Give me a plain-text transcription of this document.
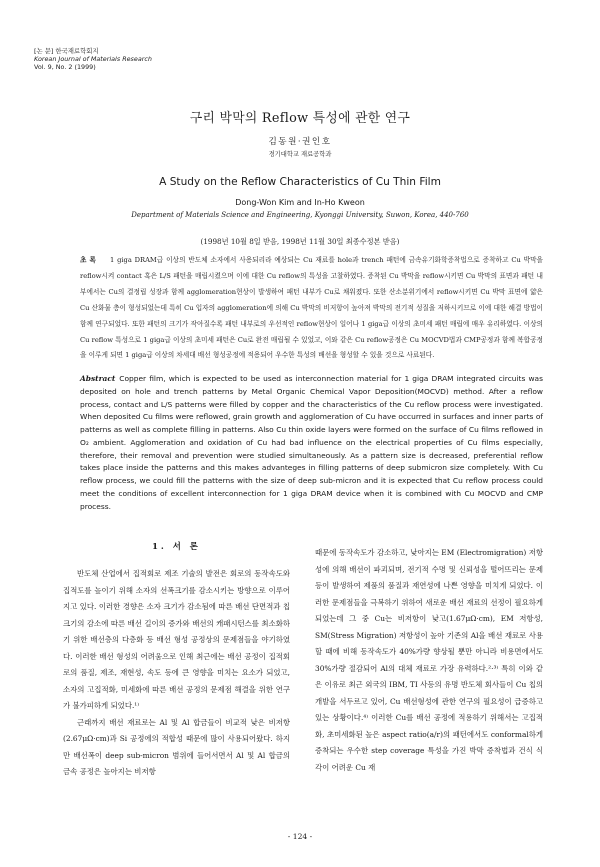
[논 문] 한국재료학회지
Korean Journal of Materials Research
Vol. 9, No. 2 (1999)
구리 박막의 Reflow 특성에 관한 연구
김동원·권인호
경기대학교 재료공학과
A Study on the Reflow Characteristics of Cu Thin Film
Dong-Won Kim and In-Ho Kweon
Department of Materials Science and Engineering, Kyonggi University, Suwon, Korea, 440-760
(1998년 10월 8일 받음, 1998년 11월 30일 최종수정본 받음)
초 록 1 giga DRAM급 이상의 반도체 소자에서 사용되리라 예상되는 Cu 재료를 hole과 trench 패턴에 금속유기화학증착법으로 증착하고 Cu 박막을 reflow시켜 contact 혹은 L/S 패턴을 매립시켰으며 이에 대한 Cu reflow의 특성을 고찰하였다. 증착된 Cu 박막을 reflow시키면 Cu 박막의 표면과 패턴 내부에서는 Cu의 결정립 성장과 함께 agglomeration현상이 발생하여 패턴 내부가 Cu로 채워졌다. 또한 산소분위기에서 reflow시키면 Cu 박막 표면에 얇은 Cu 산화물 층이 형성되었는데 특히 Cu 입자의 agglomeration에 의해 Cu 박막의 비저항이 높아져 박막의 전기적 성질을 저하시키므로 이에 대한 해결 방법이 함께 연구되었다. 또한 패턴의 크기가 작아질수록 패턴 내부로의 우선적인 reflow현상이 일어나 1 giga급 이상의 초미세 패턴 매립에 매우 유리하였다. 이상의 Cu reflow 특성으로 1 giga급 이상의 초미세 패턴은 Cu로 완전 매립될 수 있었고, 이와 같은 Cu reflow공정은 Cu MOCVD법과 CMP공정과 함께 복합공정을 이루게 되면 1 giga급 이상의 차세대 배선 형성공정에 적용되어 우수한 특성의 배선을 형성할 수 있을 것으로 사료된다.
Abstract Copper film, which is expected to be used as interconnection material for 1 giga DRAM integrated circuits was deposited on hole and trench patterns by Metal Organic Chemical Vapor Deposition(MOCVD) method. After a reflow process, contact and L/S patterns were filled by copper and the characteristics of the Cu reflow process were investigated. When deposited Cu films were reflowed, grain growth and agglomeration of Cu have occurred in surfaces and inner parts of patterns as well as complete filling in patterns. Also Cu thin oxide layers were formed on the surface of Cu films reflowed in O₂ ambient. Agglomeration and oxidation of Cu had bad influence on the electrical properties of Cu films especially, therefore, their removal and prevention were studied simultaneously. As a pattern size is decreased, preferential reflow takes place inside the patterns and this makes advanteges in filling patterns of deep submicron size completely. With Cu reflow process, we could fill the patterns with the size of deep sub-micron and it is expected that Cu reflow process could meet the conditions of excellent interconnection for 1 giga DRAM device when it is combined with Cu MOCVD and CMP process.
1. 서 론

반도체 산업에서 집적회로 제조 기술의 발전은 회로의 동작속도와 집적도를 높이기 위해 소자의 선폭크기를 감소시키는 방향으로 이루어지고 있다. 이러한 경향은 소자 크기가 감소됨에 따른 배선 단면적과 칩 크기의 감소에 따른 배선 길이의 증가와 배선의 캐패시턴스를 최소화하기 위한 배선층의 다층화 등 배선 형성 공정상의 문제점들을 야기하였다. 이러한 배선 형성의 어려움으로 인해 최근에는 배선 공정이 집적회로의 품질, 제조, 재현성, 속도 등에 큰 영향을 미치는 요소가 되었고, 소자의 고집적화, 미세화에 따른 배선 공정의 문제점 해결을 위한 연구가 불가피하게 되었다.¹⁾

근래까지 배선 재료로는 Al 및 Al 합금들이 비교적 낮은 비저항(2.67μΩ·cm)과 Si 공정에의 적합성 때문에 많이 사용되어왔다. 하지만 배선폭이 deep sub-micron 범위에 들어서면서 Al 및 Al 합금의 금속 공정은 높아지는 비저항

때문에 동작속도가 감소하고, 낮아지는 EM (Electromigration) 저항성에 의해 배선이 파괴되며, 전기적 수명 및 신뢰성을 떨어뜨리는 문제 등이 발생하여 제품의 품질과 재연성에 나쁜 영향을 미치게 되었다. 이러한 문제점들을 극복하기 위하여 새로운 배선 재료의 선정이 필요하게 되었는데 그 중 Cu는 비저항이 낮고(1.67μΩ·cm), EM 저항성, SM(Stress Migration) 저항성이 높아 기존의 Al을 배선 재료로 사용할 때에 비해 동작속도가 40%가량 향상될 뿐만 아니라 비용면에서도 30%가량 절감되어 Al의 대체 재료로 가장 유력하다.²·³⁾ 특히 이와 같은 이유로 최근 외국의 IBM, TI 사등의 유명 반도체 회사들이 Cu 칩의 개발을 서두르고 있어, Cu 배선형성에 관한 연구의 필요성이 급증하고 있는 상황이다.⁴⁾ 이러한 Cu를 배선 공정에 적용하기 위해서는 고집적화, 초미세화된 높은 aspect ratio(a/r)의 패턴에서도 conformal하게 증착되는 우수한 step coverage 특성을 가진 박막 증착법과 건식 식각이 어려운 Cu 재

- 124 -
